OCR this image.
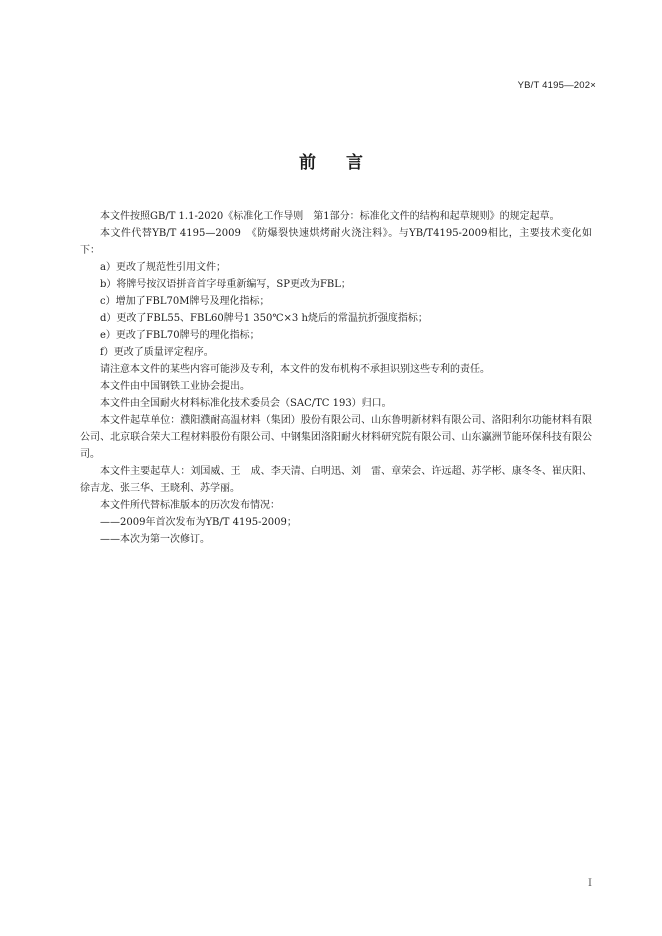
YB/T 4195—202×
前言

本文件按照GB/T 1.1-2020《标准化工作导则　第1部分：标准化文件的结构和起草规则》的规定起草。

本文件代替YB/T 4195—2009　《防爆裂快速烘烤耐火浇注料》。与YB/T4195-2009相比，主要技术变化如下：

a）更改了规范性引用文件；

b）将牌号按汉语拼音首字母重新编写，SP更改为FBL；

c）增加了FBL70M牌号及理化指标；

d）更改了FBL55、FBL60牌号1 350℃×3 h烧后的常温抗折强度指标；

e）更改了FBL70牌号的理化指标；

f）更改了质量评定程序。

请注意本文件的某些内容可能涉及专利，本文件的发布机构不承担识别这些专利的责任。

本文件由中国钢铁工业协会提出。

本文件由全国耐火材料标准化技术委员会（SAC/TC 193）归口。

本文件起草单位：濮阳濮耐高温材料（集团）股份有限公司、山东鲁明新材料有限公司、洛阳利尔功能材料有限公司、北京联合荣大工程材料股份有限公司、中钢集团洛阳耐火材料研究院有限公司、山东瀛洲节能环保科技有限公司。

本文件主要起草人：刘国威、王　成、李天清、白明迅、刘　雷、章荣会、许远超、苏学彬、康冬冬、崔庆阳、徐吉龙、张三华、王晓利、苏学丽。

本文件所代替标准版本的历次发布情况：

——2009年首次发布为YB/T 4195-2009；

——本次为第一次修订。

I
